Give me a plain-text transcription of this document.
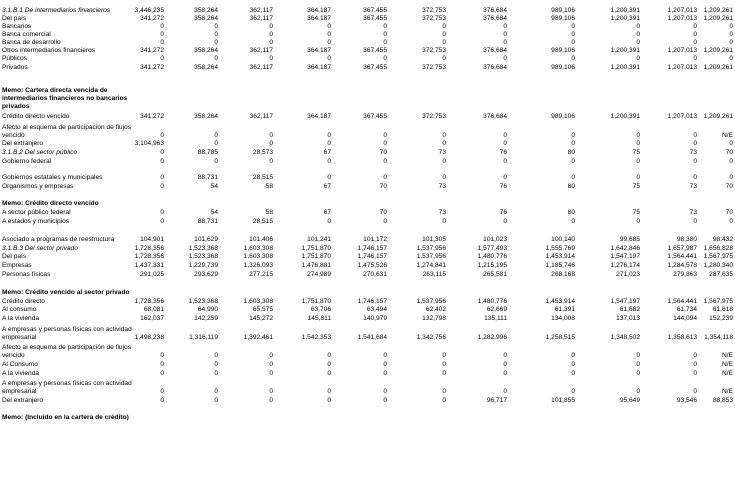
3.1.B.1 De intermediarios financieros	3,446,235	358,264	362,117	364,187	367,455	372,753	376,684	989,106	1,200,391	1,207,013	1,209,261
Del país	341,272	358,264	362,117	364,187	367,455	372,753	376,684	989,106	1,200,391	1,207,013	1,209,261
Bancarios	0	0	0	0	0	0	0	0	0	0	0
Banca comercial	0	0	0	0	0	0	0	0	0	0	0
Banca de desarrollo	0	0	0	0	0	0	0	0	0	0	0
Otros intermediarios financieros	341,272	358,264	362,117	364,187	367,455	372,753	376,684	989,106	1,200,391	1,207,013	1,209,261
Públicos	0	0	0	0	0	0	0	0	0	0	0
Privados	341,272	358,264	362,117	364,187	367,455	372,753	376,684	989,106	1,200,391	1,207,013	1,209,261
Memo: Cartera directa vencida de intermediarios financieros no bancarios privados
Crédito directo vencido	341,272	358,264	362,117	364,187	367,455	372,753	376,684	989,106	1,200,391	1,207,013	1,209,261
Afecto al esquema de participación de flujos vencido	0	0	0	0	0	0	0	0	0	0	N/E
Del extranjero	3,104,963	0	0	0	0	0	0	0	0	0	0
3.1.B.2 Del sector público	0	88,785	28,573	67	70	73	76	80	75	73	70
Gobierno federal	0	0	0	0	0	0	0	0	0	0	0
Gobiernos estatales y municipales	0	88,731	28,515	0	0	0	0	0	0	0	0
Organismos y empresas	0	54	58	67	70	73	76	80	75	73	70
Memo: Crédito directo vencido
A sector público federal	0	54	58	67	70	73	76	80	75	73	70
A estados y municipios	0	88,731	28,515	0	0	0	0	0	0	0	0
Asociado a programas de reestructura	104,901	101,629	101,406	101,241	101,172	101,305	101,023	100,140	99,685	98,380	98,432
3.1.B.3 Del sector privado	1,728,356	1,523,368	1,603,308	1,751,870	1,746,157	1,537,956	1,577,493	1,555,769	1,642,846	1,657,987	1,656,828
Del país	1,728,356	1,523,368	1,603,308	1,751,870	1,746,157	1,537,956	1,480,776	1,453,914	1,547,197	1,564,441	1,567,975
Empresas	1,437,331	1,229,739	1,326,093	1,476,881	1,475,526	1,274,841	1,215,195	1,185,746	1,276,174	1,284,578	1,280,340
Personas físicas	291,025	293,629	277,215	274,989	270,631	263,115	265,581	268,168	271,023	279,863	287,635
Memo: Crédito vencido al sector privado
Crédito directo	1,728,356	1,523,368	1,603,308	1,751,870	1,746,157	1,537,956	1,480,776	1,453,914	1,547,197	1,564,441	1,567,975
Al consumo	68,081	64,990	65,575	63,706	63,494	62,402	62,669	61,391	61,682	61,734	61,618
A la vivienda	162,037	142,259	145,272	145,811	140,979	132,798	135,111	134,008	137,013	144,094	152,239
A empresas y personas físicas con actividad empresarial	1,498,238	1,316,119	1,392,461	1,542,353	1,541,684	1,342,756	1,282,996	1,258,515	1,348,502	1,358,613	1,354,118
Afecto al esquema de participación de flujos vencido	0	0	0	0	0	0	0	0	0	0	N/E
Al Consumo	0	0	0	0	0	0	0	0	0	0	N/E
A la vivienda	0	0	0	0	0	0	0	0	0	0	N/E
A empresas y personas físicas con actividad empresarial	0	0	0	0	0	0	0	0	0	0	N/E
Del extranjero	0	0	0	0	0	0	96,717	101,855	95,649	93,546	88,853
Memo: (Incluido en la cartera de crédito)
